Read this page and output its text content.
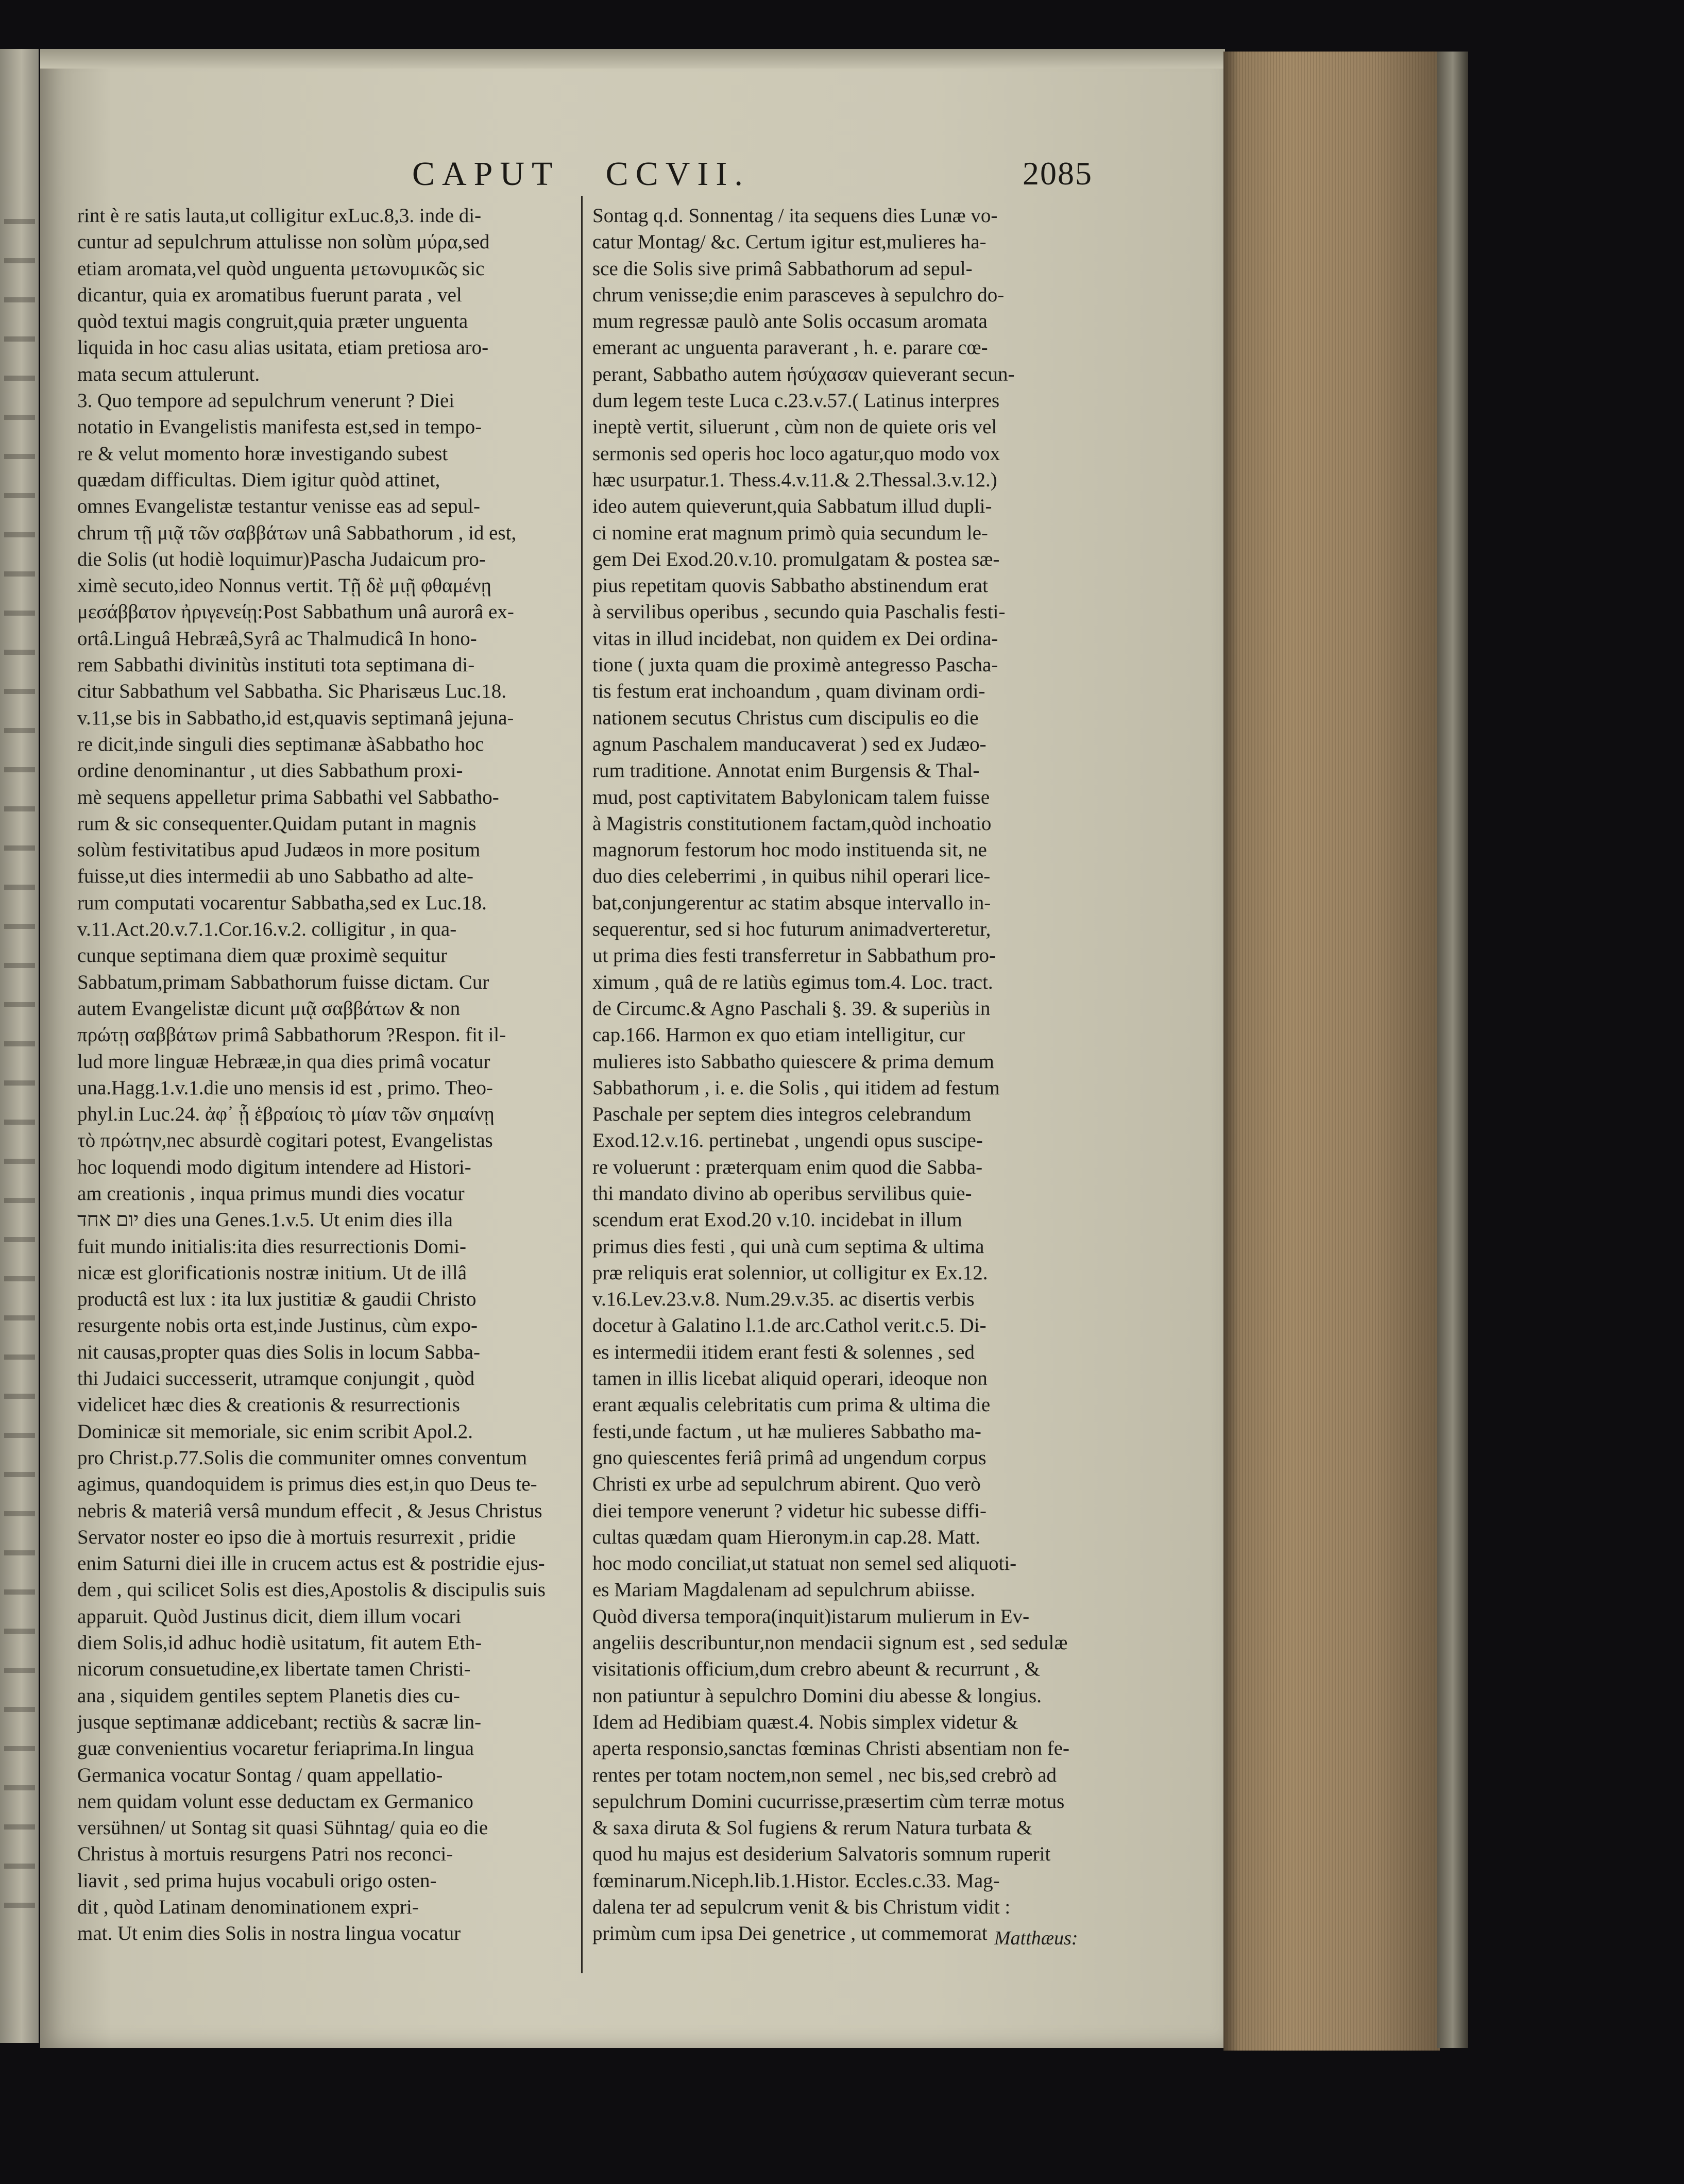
CAPUT CCVII.	2085
rint è re satis lauta,ut colligitur exLuc.8,3. inde di-
cuntur ad sepulchrum attulisse non solùm μύρα,sed
etiam aromata,vel quòd unguenta μετωνυμικῶς sic
dicantur, quia ex aromatibus fuerunt parata , vel
quòd textui magis congruit,quia præter unguenta
liquida in hoc casu alias usitata, etiam pretiosa aro-
mata secum attulerunt.
3. Quo tempore ad sepulchrum venerunt ? Diei
notatio in Evangelistis manifesta est,sed in tempo-
re & velut momento horæ investigando subest
quædam difficultas. Diem igitur quòd attinet,
omnes Evangelistæ testantur venisse eas ad sepul-
chrum τῇ μιᾷ τῶν σαββάτων unâ Sabbathorum , id est,
die Solis (ut hodiè loquimur)Pascha Judaicum pro-
ximè secuto,ideo Nonnus vertit. Τῇ δὲ μιῇ φθαμένῃ
μεσάββατον ἠριγενείῃ:Post Sabbathum unâ aurorâ ex-
ortâ.Linguâ Hebræâ,Syrâ ac Thalmudicâ In hono-
rem Sabbathi divinitùs instituti tota septimana di-
citur Sabbathum vel Sabbatha. Sic Pharisæus Luc.18.
v.11,se bis in Sabbatho,id est,quavis septimanâ jejuna-
re dicit,inde singuli dies septimanæ àSabbatho hoc
ordine denominantur , ut dies Sabbathum proxi-
mè sequens appelletur prima Sabbathi vel Sabbatho-
rum & sic consequenter.Quidam putant in magnis
solùm festivitatibus apud Judæos in more positum
fuisse,ut dies intermedii ab uno Sabbatho ad alte-
rum computati vocarentur Sabbatha,sed ex Luc.18.
v.11.Act.20.v.7.1.Cor.16.v.2. colligitur , in qua-
cunque septimana diem quæ proximè sequitur
Sabbatum,primam Sabbathorum fuisse dictam. Cur
autem Evangelistæ dicunt μιᾷ σαββάτων & non
πρώτῃ σαββάτων primâ Sabbathorum ?Respon. fit il-
lud more linguæ Hebrææ,in qua dies primâ vocatur
una.Hagg.1.v.1.die uno mensis id est , primo. Theo-
phyl.in Luc.24. ἀφ᾽ ᾗ ἑβραίοις τὸ μίαν τῶν σημαίνῃ
τὸ πρώτην,nec absurdè cogitari potest, Evangelistas
hoc loquendi modo digitum intendere ad Histori-
am creationis , inqua primus mundi dies vocatur
יום אחד dies una Genes.1.v.5. Ut enim dies illa
fuit mundo initialis:ita dies resurrectionis Domi-
nicæ est glorificationis nostræ initium. Ut de illâ
productâ est lux : ita lux justitiæ & gaudii Christo
resurgente nobis orta est,inde Justinus, cùm expo-
nit causas,propter quas dies Solis in locum Sabba-
thi Judaici successerit, utramque conjungit , quòd
videlicet hæc dies & creationis & resurrectionis
Dominicæ sit memoriale, sic enim scribit Apol.2.
pro Christ.p.77.Solis die communiter omnes conventum
agimus, quandoquidem is primus dies est,in quo Deus te-
nebris & materiâ versâ mundum effecit , & Jesus Christus
Servator noster eo ipso die à mortuis resurrexit , pridie
enim Saturni diei ille in crucem actus est & postridie ejus-
dem , qui scilicet Solis est dies,Apostolis & discipulis suis
apparuit. Quòd Justinus dicit, diem illum vocari
diem Solis,id adhuc hodiè usitatum, fit autem Eth-
nicorum consuetudine,ex libertate tamen Christi-
ana , siquidem gentiles septem Planetis dies cu-
jusque septimanæ addicebant; rectiùs & sacræ lin-
guæ convenientius vocaretur feriaprima.In lingua
Germanica vocatur Sontag / quam appellatio-
nem quidam volunt esse deductam ex Germanico
versühnen/ ut Sontag sit quasi Sühntag/ quia eo die
Christus à mortuis resurgens Patri nos reconci-
liavit , sed prima hujus vocabuli origo osten-
dit , quòd Latinam denominationem expri-
mat. Ut enim dies Solis in nostra lingua vocatur
Sontag q.d. Sonnentag / ita sequens dies Lunæ vo-
catur Montag/ &c. Certum igitur est,mulieres ha-
sce die Solis sive primâ Sabbathorum ad sepul-
chrum venisse;die enim parasceves à sepulchro do-
mum regressæ paulò ante Solis occasum aromata
emerant ac unguenta paraverant , h. e. parare cœ-
perant, Sabbatho autem ἡσύχασαν quieverant secun-
dum legem teste Luca c.23.v.57.( Latinus interpres
ineptè vertit, siluerunt , cùm non de quiete oris vel
sermonis sed operis hoc loco agatur,quo modo vox
hæc usurpatur.1. Thess.4.v.11.& 2.Thessal.3.v.12.)
ideo autem quieverunt,quia Sabbatum illud dupli-
ci nomine erat magnum primò quia secundum le-
gem Dei Exod.20.v.10. promulgatam & postea sæ-
pius repetitam quovis Sabbatho abstinendum erat
à servilibus operibus , secundo quia Paschalis festi-
vitas in illud incidebat, non quidem ex Dei ordina-
tione ( juxta quam die proximè antegresso Pascha-
tis festum erat inchoandum , quam divinam ordi-
nationem secutus Christus cum discipulis eo die
agnum Paschalem manducaverat ) sed ex Judæo-
rum traditione. Annotat enim Burgensis & Thal-
mud, post captivitatem Babylonicam talem fuisse
à Magistris constitutionem factam,quòd inchoatio
magnorum festorum hoc modo instituenda sit, ne
duo dies celeberrimi , in quibus nihil operari lice-
bat,conjungerentur ac statim absque intervallo in-
sequerentur, sed si hoc futurum animadverteretur,
ut prima dies festi transferretur in Sabbathum pro-
ximum , quâ de re latiùs egimus tom.4. Loc. tract.
de Circumc.& Agno Paschali §. 39. & superiùs in
cap.166. Harmon ex quo etiam intelligitur, cur
mulieres isto Sabbatho quiescere & prima demum
Sabbathorum , i. e. die Solis , qui itidem ad festum
Paschale per septem dies integros celebrandum
Exod.12.v.16. pertinebat , ungendi opus suscipe-
re voluerunt : præterquam enim quod die Sabba-
thi mandato divino ab operibus servilibus quie-
scendum erat Exod.20 v.10. incidebat in illum
primus dies festi , qui unà cum septima & ultima
præ reliquis erat solennior, ut colligitur ex Ex.12.
v.16.Lev.23.v.8. Num.29.v.35. ac disertis verbis
docetur à Galatino l.1.de arc.Cathol verit.c.5. Di-
es intermedii itidem erant festi & solennes , sed
tamen in illis licebat aliquid operari, ideoque non
erant æqualis celebritatis cum prima & ultima die
festi,unde factum , ut hæ mulieres Sabbatho ma-
gno quiescentes feriâ primâ ad ungendum corpus
Christi ex urbe ad sepulchrum abirent. Quo verò
diei tempore venerunt ? videtur hic subesse diffi-
cultas quædam quam Hieronym.in cap.28. Matt.
hoc modo conciliat,ut statuat non semel sed aliquoti-
es Mariam Magdalenam ad sepulchrum abiisse.
Quòd diversa tempora(inquit)istarum mulierum in Ev-
angeliis describuntur,non mendacii signum est , sed sedulæ
visitationis officium,dum crebro abeunt & recurrunt , &
non patiuntur à sepulchro Domini diu abesse & longius.
Idem ad Hedibiam quæst.4. Nobis simplex videtur &
aperta responsio,sanctas fœminas Christi absentiam non fe-
rentes per totam noctem,non semel , nec bis,sed crebrò ad
sepulchrum Domini cucurrisse,præsertim cùm terræ motus
& saxa diruta & Sol fugiens & rerum Natura turbata &
quod hu majus est desiderium Salvatoris somnum ruperit
fœminarum.Niceph.lib.1.Histor. Eccles.c.33. Mag-
dalena ter ad sepulcrum venit & bis Christum vidit :
primùm cum ipsa Dei genetrice , ut commemorat Matthæus:
